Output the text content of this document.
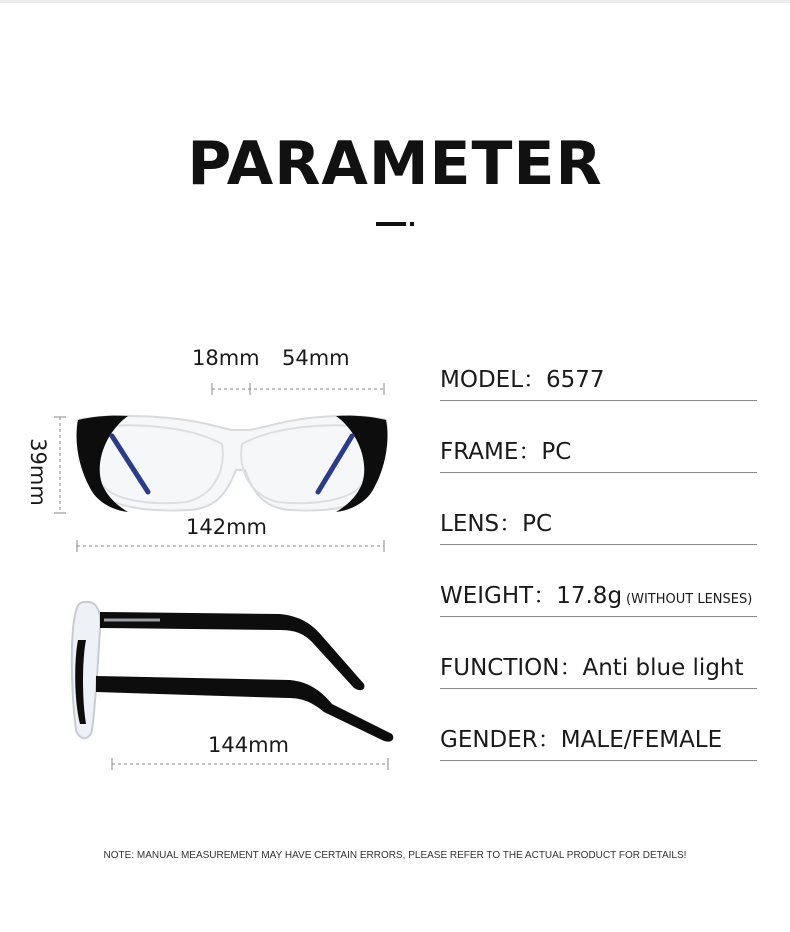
PARAMETER
18mm 54mm
39mm
142mm
144mm
MODEL：6577
FRAME：PC
LENS：PC
WEIGHT：17.8g (WITHOUT LENSES)
FUNCTION：Anti blue light
GENDER：MALE/FEMALE
NOTE: MANUAL MEASUREMENT MAY HAVE CERTAIN ERRORS, PLEASE REFER TO THE ACTUAL PRODUCT FOR DETAILS!
